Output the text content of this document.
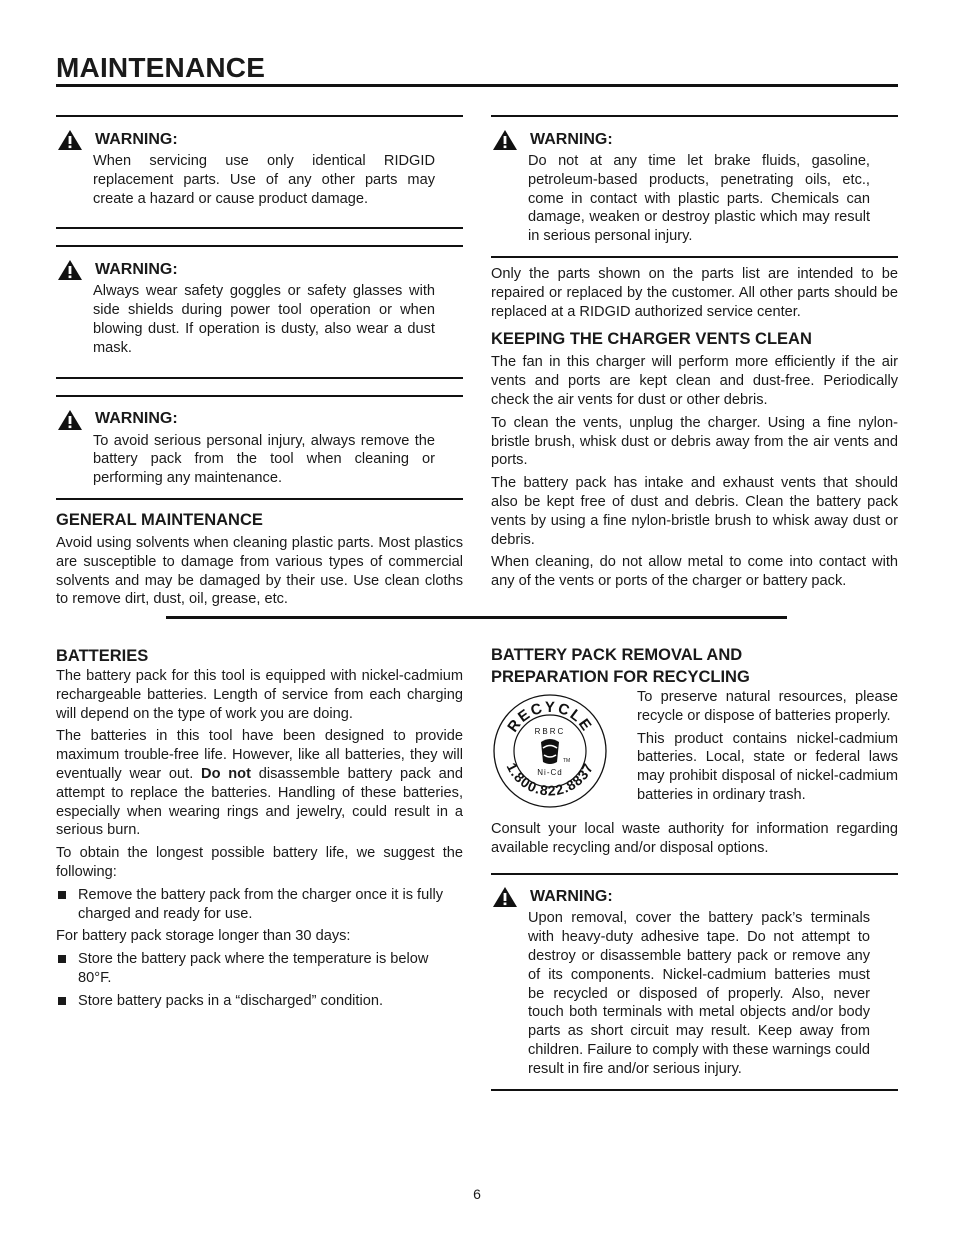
MAINTENANCE
WARNING:

When servicing use only identical RIDGID replacement parts. Use of any other parts may create a hazard or cause product damage.

WARNING:

Always wear safety goggles or safety glasses with side shields during power tool operation or when blowing dust. If operation is dusty, also wear a dust mask.

WARNING:

To avoid serious personal injury, always remove the battery pack from the tool when cleaning or performing any maintenance.

GENERAL MAINTENANCE

Avoid using solvents when cleaning plastic parts. Most plastics are susceptible to damage from various types of commercial solvents and may be damaged by their use. Use clean cloths to remove dirt, dust, oil, grease, etc.

WARNING:

Do not at any time let brake fluids, gasoline, petroleum-based products, penetrating oils, etc., come in contact with plastic parts. Chemicals can damage, weaken or destroy plastic which may result in serious personal injury.

Only the parts shown on the parts list are intended to be repaired or replaced by the customer. All other parts should be replaced at a RIDGID authorized service center.

KEEPING THE CHARGER VENTS CLEAN

The fan in this charger will perform more efficiently if the air vents and ports are kept clean and dust-free. Periodically check the air vents for dust or other debris.

To clean the vents, unplug the charger. Using a fine nylon-bristle brush, whisk dust or debris away from the air vents and ports.

The battery pack has intake and exhaust vents that should also be kept free of dust and debris. Clean the battery pack vents by using a fine nylon-bristle brush to whisk away dust or debris.

When cleaning, do not allow metal to come into contact with any of the vents or ports of the charger or battery pack.

BATTERIES

The battery pack for this tool is equipped with nickel-cadmium rechargeable batteries. Length of service from each charging will depend on the type of work you are doing.

The batteries in this tool have been designed to provide maximum trouble-free life. However, like all batteries, they will eventually wear out. Do not disassemble battery pack and attempt to replace the batteries. Handling of these batteries, especially when wearing rings and jewelry, could result in a serious burn.

To obtain the longest possible battery life, we suggest the following:

Remove the battery pack from the charger once it is fully charged and ready for use.

For battery pack storage longer than 30 days:

Store the battery pack where the temperature is below 80°F.
Store battery packs in a “discharged” condition.
BATTERY PACK REMOVAL AND
PREPARATION FOR RECYCLING
RECYCLE
1.800.822.8837
RBRC
TM
Ni-Cd

To preserve natural resources, please recycle or dispose of batteries properly.

This product contains nickel-cadmium batteries. Local, state or federal laws may prohibit disposal of nickel-cadmium batteries in ordinary trash.

Consult your local waste authority for information regarding available recycling and/or disposal options.

WARNING:

Upon removal, cover the battery pack’s terminals with heavy-duty adhesive tape. Do not attempt to destroy or disassemble battery pack or remove any of its components. Nickel-cadmium batteries must be recycled or disposed of properly. Also, never touch both terminals with metal objects and/or body parts as short circuit may result. Keep away from children. Failure to comply with these warnings could result in fire and/or serious injury.

6
